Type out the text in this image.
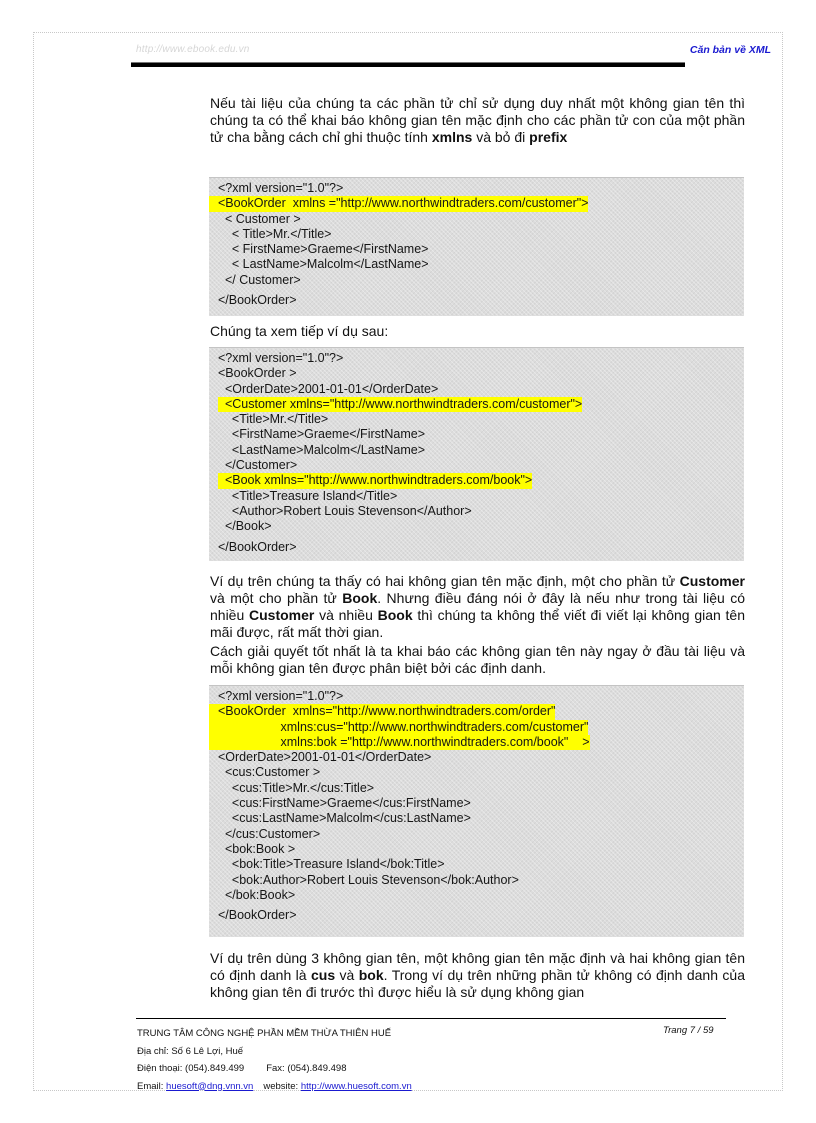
http://www.ebook.edu.vn	Căn bản về XML
Nếu tài liệu của chúng ta các phần tử chỉ sử dụng duy nhất một không gian tên thì chúng ta có thể khai báo không gian tên mặc định cho các phần tử con của một phần tử cha bằng cách chỉ ghi thuộc tính xmlns và bỏ đi prefix
<?xml version="1.0"?>
<BookOrder  xmlns ="http://www.northwindtraders.com/customer">
< Customer >
< Title>Mr.</Title>
< FirstName>Graeme</FirstName>
< LastName>Malcolm</LastName>
</ Customer>
</BookOrder>
Chúng ta xem tiếp ví dụ sau:
<?xml version="1.0"?>
<BookOrder >
<OrderDate>2001-01-01</OrderDate>
<Customer xmlns="http://www.northwindtraders.com/customer">
<Title>Mr.</Title>
<FirstName>Graeme</FirstName>
<LastName>Malcolm</LastName>
</Customer>
<Book xmlns="http://www.northwindtraders.com/book">
<Title>Treasure Island</Title>
<Author>Robert Louis Stevenson</Author>
</Book>
</BookOrder>
Ví dụ trên chúng ta thấy có hai không gian tên mặc định, một cho phần tử Customer và một cho phần tử Book. Nhưng điều đáng nói ở đây là nếu như trong tài liệu có nhiều Customer và nhiều Book thì chúng ta không thể viết đi viết lại không gian tên mãi được, rất mất thời gian.
Cách giải quyết tốt nhất là ta khai báo các không gian tên này ngay ở đầu tài liệu và mỗi không gian tên được phân biệt bởi các định danh.
<?xml version="1.0"?>
<BookOrder  xmlns="http://www.northwindtraders.com/order"
xmlns:cus="http://www.northwindtraders.com/customer"
xmlns:bok ="http://www.northwindtraders.com/book"    >
<OrderDate>2001-01-01</OrderDate>
<cus:Customer >
<cus:Title>Mr.</cus:Title>
<cus:FirstName>Graeme</cus:FirstName>
<cus:LastName>Malcolm</cus:LastName>
</cus:Customer>
<bok:Book >
<bok:Title>Treasure Island</bok:Title>
<bok:Author>Robert Louis Stevenson</bok:Author>
</bok:Book>
</BookOrder>
Ví dụ trên dùng 3 không gian tên, một không gian tên mặc định và hai không gian tên có định danh là cus và bok. Trong ví dụ trên những phần tử không có định danh của không gian tên đi trước thì được hiểu là sử dụng không gian
TRUNG TÂM CÔNG NGHỆ PHẦN MỀM THỪA THIÊN HUẾ
Địa chỉ: Số 6 Lê Lợi, Huế
Điện thoại: (054).849.499 Fax: (054).849.498
Email: huesoft@dng.vnn.vn website: http://www.huesoft.com.vn
Trang 7 / 59
